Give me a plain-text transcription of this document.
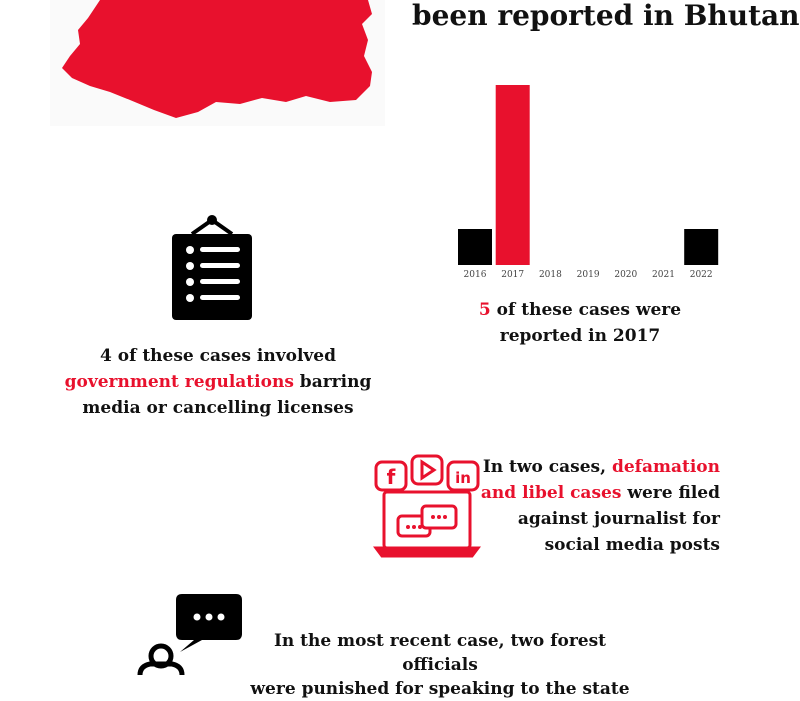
been reported in Bhutan
2016 2017 2018 2019 2020 2021 2022
5 of these cases were
reported in 2017
4 of these cases involved
government regulations barring
media or cancelling licenses
f	in
In two cases, defamation
and libel cases were filed
against journalist for
social media posts
In the most recent case, two forest officials
were punished for speaking to the state
